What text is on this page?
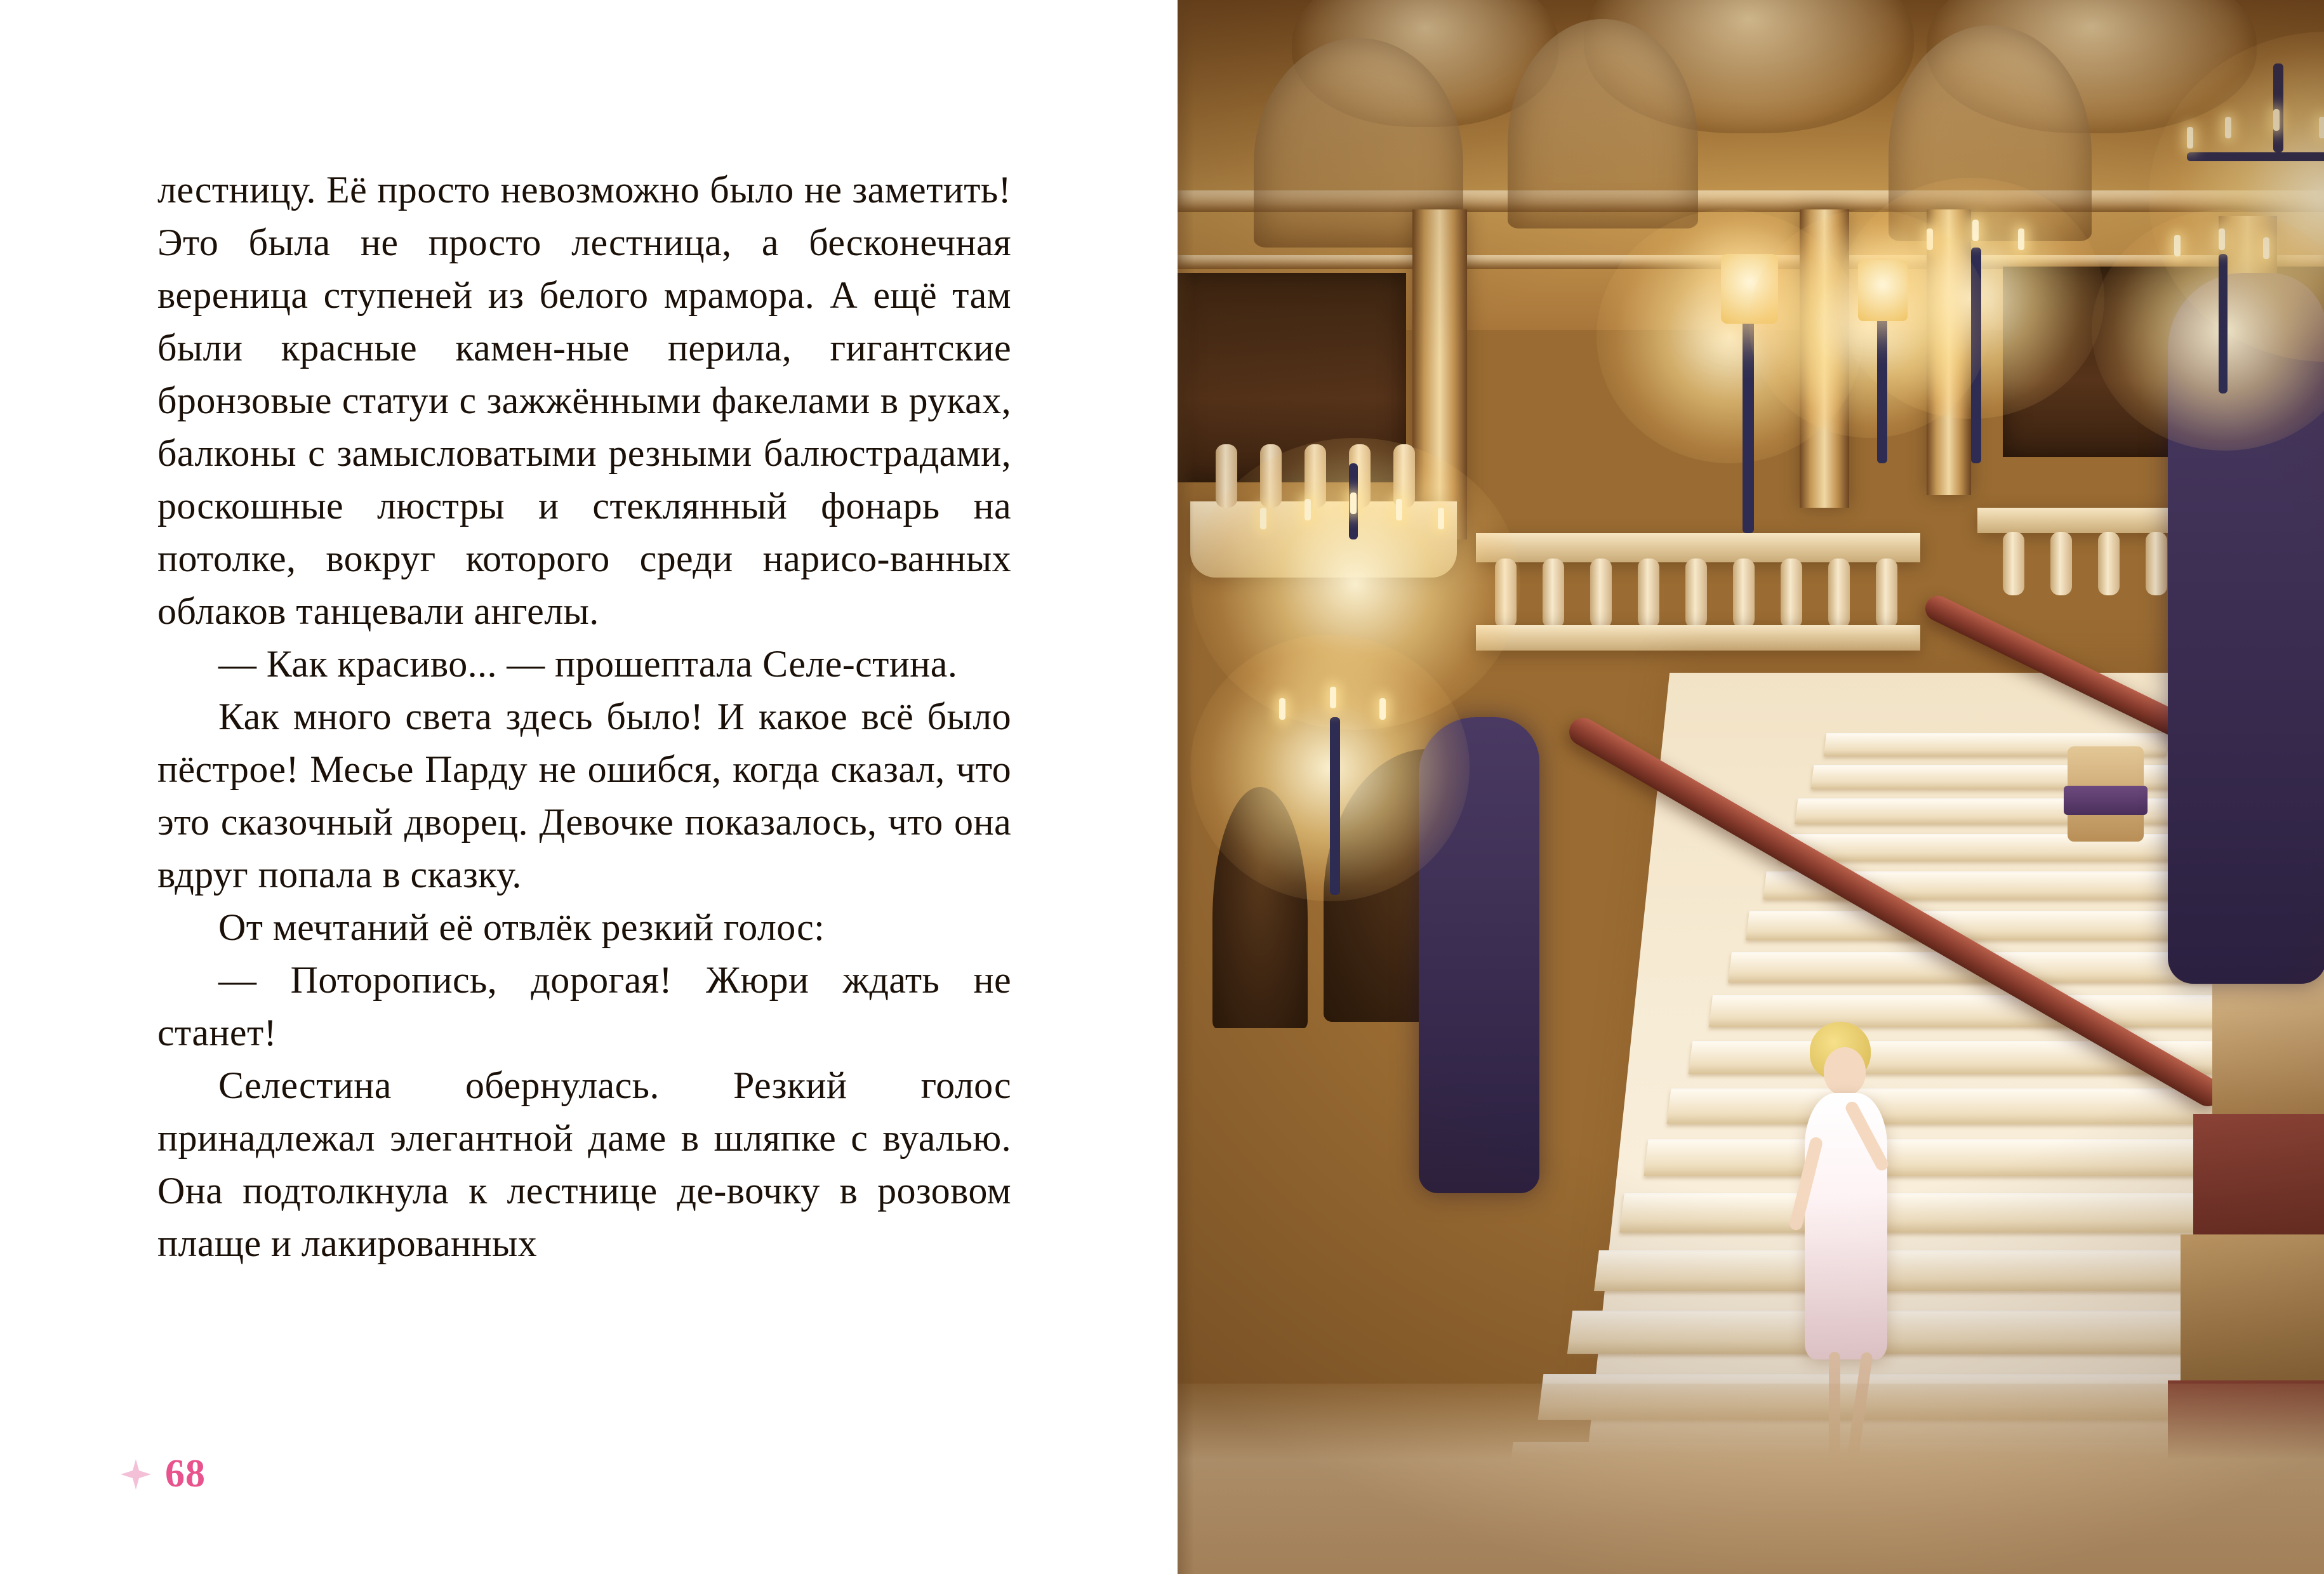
лестницу. Её просто невозможно было не заметить! Это была не просто лестница, а бесконечная вереница ступеней из белого мрамора. А ещё там были красные камен-ные перила, гигантские бронзовые статуи с зажжёнными факелами в руках, балконы с замысловатыми резными балюстрадами, роскошные люстры и стеклянный фонарь на потолке, вокруг которого среди нарисо-ванных облаков танцевали ангелы.

— Как красиво... — прошептала Селе-стина.

Как много света здесь было! И какое всё было пёстрое! Месье Парду не ошибся, когда сказал, что это сказочный дворец. Девочке показалось, что она вдруг попала в сказку.

От мечтаний её отвлёк резкий голос:

— Поторопись, дорогая! Жюри ждать не станет!

Селестина обернулась. Резкий голос принадлежал элегантной даме в шляпке с вуалью. Она подтолкнула к лестнице де-вочку в розовом плаще и лакированных

68
